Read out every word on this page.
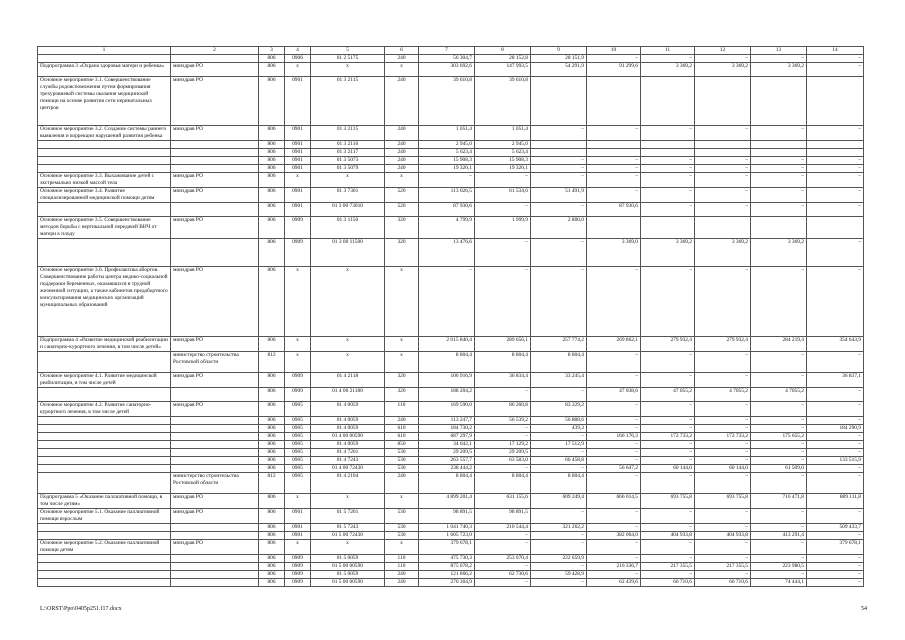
1	2	3	4	5	6	7	8	9	10	11	12	13	14
		806	0906	01 2 5175	240	56 304,7	28 152,8	28 151,9	–	–	–	–	–
Подпрограмма 3 «Охрана здоровья матери и ребенка»	минздрав РО	806	х	х	х	303 692,6	147 993,5	54 291,9	91 299,6	3 369,2	3 369,2	3 369,2	–
Основное мероприятие 3.1. Совершенствование службы родовспоможения путем формирования трехуровневой системы оказания медицинской помощи на основе развития сети перинатальных центров	минздрав РО	806	0901	01 3 2115	240	39 610,8	39 610,8						
Основное мероприятие 3.2. Создание системы раннего выявления и коррекции нарушений развития ребенка	минздрав РО	806	0901	01 3 2115	240	1 051,4	1 051,4	–	–	–	–	–	–
		806	0901	01 3 2116	240	2 945,0	2 945,0						
		806	0901	01 3 2117	240	5 623,4	5 623,4						
		806	0901	01 3 5073	240	15 908,3	15 908,3	–	–	–	–	–	–
		806	0901	01 3 5079	240	19 320,1	19 320,1	–	–	–	–	–	–
Основное мероприятие 3.3. Выхаживание детей с экстремально низкой массой тела	минздрав РО	806	х	х	х	–	–	–	–	–	–	–	–
Основное мероприятие 3.4. Развитие специализированной медицинской помощи детям	минздрав РО	806	0901	01 3 7301	520	113 026,5	61 534,6	51 491,9	–	–	–	–	–
		806	0901	01 3 00 73010	520	87 930,6	–	–	87 930,6	–	–	–	–
Основное мероприятие 3.5. Совершенствование методов борьбы с вертикальной передачей ВИЧ от матери к плоду	минздрав РО	806	0909	01 3 1150	320	4 799,9	1 999,9	2 800,0					
		806	0909	01 3 00 11500	320	13 476,6	–	–	3 369,0	3 369,2	3 369,2	3 369,2	–
Основное мероприятие 3.6. Профилактика абортов. Совершенствование работы центра медико-социальной поддержки беременных, оказавшихся в трудной жизненной ситуации, а также кабинетов предабортного консультирования медицинских организаций муниципальных образований	минздрав РО	806	х	х	х	–	–	–	–	–	–	–	–
Подпрограмма 4 «Развитие медицинской реабилитации и санаторно-курортного лечения, в том числе детей»	минздрав РО	806	х	х	х	2 015 840,4	289 656,1	257 774,2	269 862,1	279 932,4	279 932,4	284 219,4	354 643,9
	министерство строительства Ростовской области	812	х	х	х	8 804,4	8 804,4	8 804,4	–	–	–	–	–
Основное мероприятие 4.1. Развитие медицинской реабилитации, в том числе детей	минздрав РО	806	0909	01 4 2118	320	106 916,9	36 834,4	33 245,4	–	–	–	–	36 837,1
		806	0909	01 4 00 21180	320	188 204,2	–	–	47 038,6	47 055,2	4 7055,2	4 7055,2	–
Основное мероприятие 4.2. Развитие санаторно-курортного лечения, в том числе детей	минздрав РО	806	0905	01 4 0059	110	169 590,0	86 260,8	83 229,2	–	–	–	–	–
		806	0905	01 4 0059	240	113 247,7	56 539,2	56 888,6	–	–	–	–	–
		806	0905	01 4 0059	610	184 730,2	–	439,3	–	–	–	–	184 290,9
		806	0905	01 4 00 00590	610	687 297,9	–	–	166 176,3	172 733,2	172 733,2	175 655,2	–
		806	0905	01 4 0059	850	34 642,1	17 129,2	17 512,9	–	–	–	–	–
		806	0905	01 4 7201	530	29 209,5	29 209,5	–	–	–	–	–	–
		806	0905	01 4 7243	530	263 557,7	63 583,0	66 458,8	–	–	–	–	133 515,9
		806	0905	01 4 00 72430	530	238 444,2	–	–	56 647,2	60 144,0	60 144,0	61 509,0	–
	министерство строительства Ростовской области	812	0905	01 4 2104	240	8 804,4	8 804,4	8 804,4	–	–	–	–	–
Подпрограмма 5 «Оказание паллиативной помощи, в том числе детям»	минздрав РО	806	х	х	х	4 899 201,4	631 155,6	609 249,4	666 014,5	693 755,8	693 755,8	716 471,8	889 111,8
Основное мероприятие 5.1. Оказание паллиативной помощи взрослым	минздрав РО	806	0901	01 5 7201	530	98 891,5	98 891,5	–	–	–	–	–	–
		806	0901	01 5 7243	530	1 041 740,3	210 544,4	321 262,2	–	–	–	–	509 433,7
		806	0901	01 5 00 72430	530	1 605 723,0	–	–	382 064,0	404 933,8	404 933,8	413 291,4	–
Основное мероприятие 5.2. Оказание паллиативной помощи детям	минздрав РО	806	х	х	х	379 678,1	–	–	–	–	–	–	379 678,1
		806	0909	01 5 0059	110	475 730,3	253 070,4	222 659,9	–	–	–	–	–
		806	0909	01 5 00 00590	110	875 078,2	–	–	216 336,7	217 355,5	217 355,5	223 980,5	–
		806	0909	01 5 0059	240	121 866,2	62 730,6	59 428,9	–	–	–	–	–
		806	0909	01 5 00 00590	240	270 304,9	–	–	62 439,6	66 710,6	66 710,6	74 444,1	–
L:\ORST\Ppo\0405p251.f17.docx	54
